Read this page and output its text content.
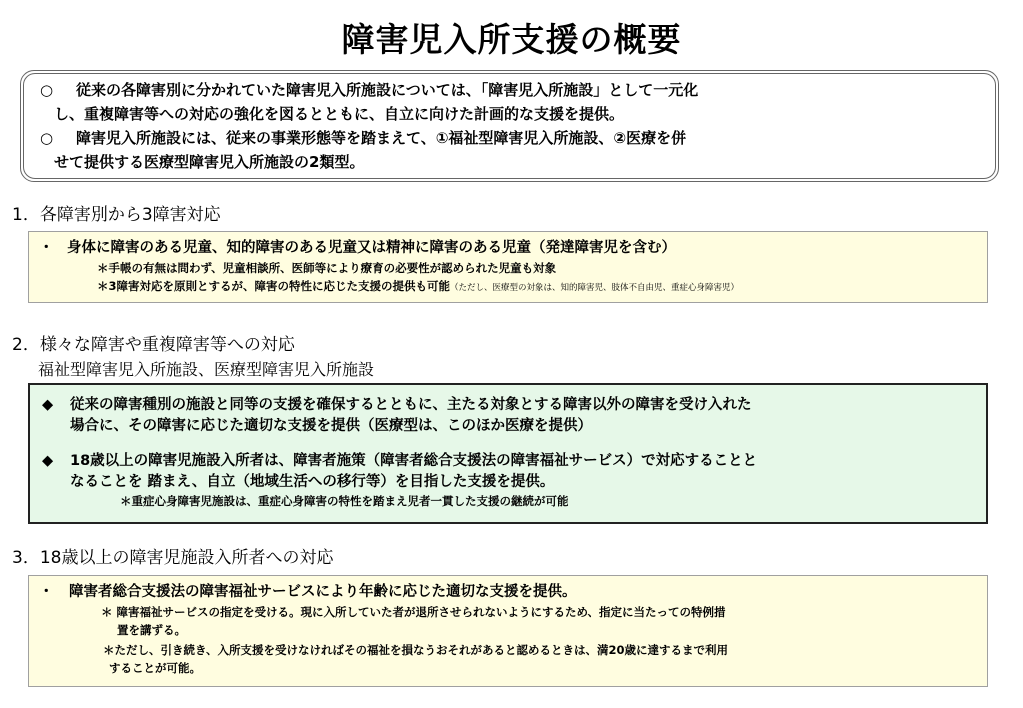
障害児入所支援の概要
○ 従来の各障害別に分かれていた障害児入所施設については、「障害児入所施設」として一元化
し、重複障害等への対応の強化を図るとともに、自立に向けた計画的な支援を提供。
○ 障害児入所施設には、従来の事業形態等を踏まえて、①福祉型障害児入所施設、②医療を併
せて提供する医療型障害児入所施設の2類型。
1．各障害別から3障害対応
・ 身体に障害のある児童、知的障害のある児童又は精神に障害のある児童（発達障害児を含む）
＊手帳の有無は問わず、児童相談所、医師等により療育の必要性が認められた児童も対象
＊3障害対応を原則とするが、障害の特性に応じた支援の提供も可能（ただし、医療型の対象は、知的障害児、肢体不自由児、重症心身障害児）
2．様々な障害や重複障害等への対応
福祉型障害児入所施設、医療型障害児入所施設
◆ 従来の障害種別の施設と同等の支援を確保するとともに、主たる対象とする障害以外の障害を受け入れた
場合に、その障害に応じた適切な支援を提供（医療型は、このほか医療を提供）
◆ 18歳以上の障害児施設入所者は、障害者施策（障害者総合支援法の障害福祉サービス）で対応することと
なることを 踏まえ、自立（地域生活への移行等）を目指した支援を提供。
＊重症心身障害児施設は、重症心身障害の特性を踏まえ児者一貫した支援の継続が可能
3．18歳以上の障害児施設入所者への対応
・ 障害者総合支援法の障害福祉サービスにより年齢に応じた適切な支援を提供。
＊ 障害福祉サービスの指定を受ける。現に入所していた者が退所させられないようにするため、指定に当たっての特例措
置を講ずる。
＊ただし、引き続き、入所支援を受けなければその福祉を損なうおそれがあると認めるときは、満20歳に達するまで利用
することが可能。
